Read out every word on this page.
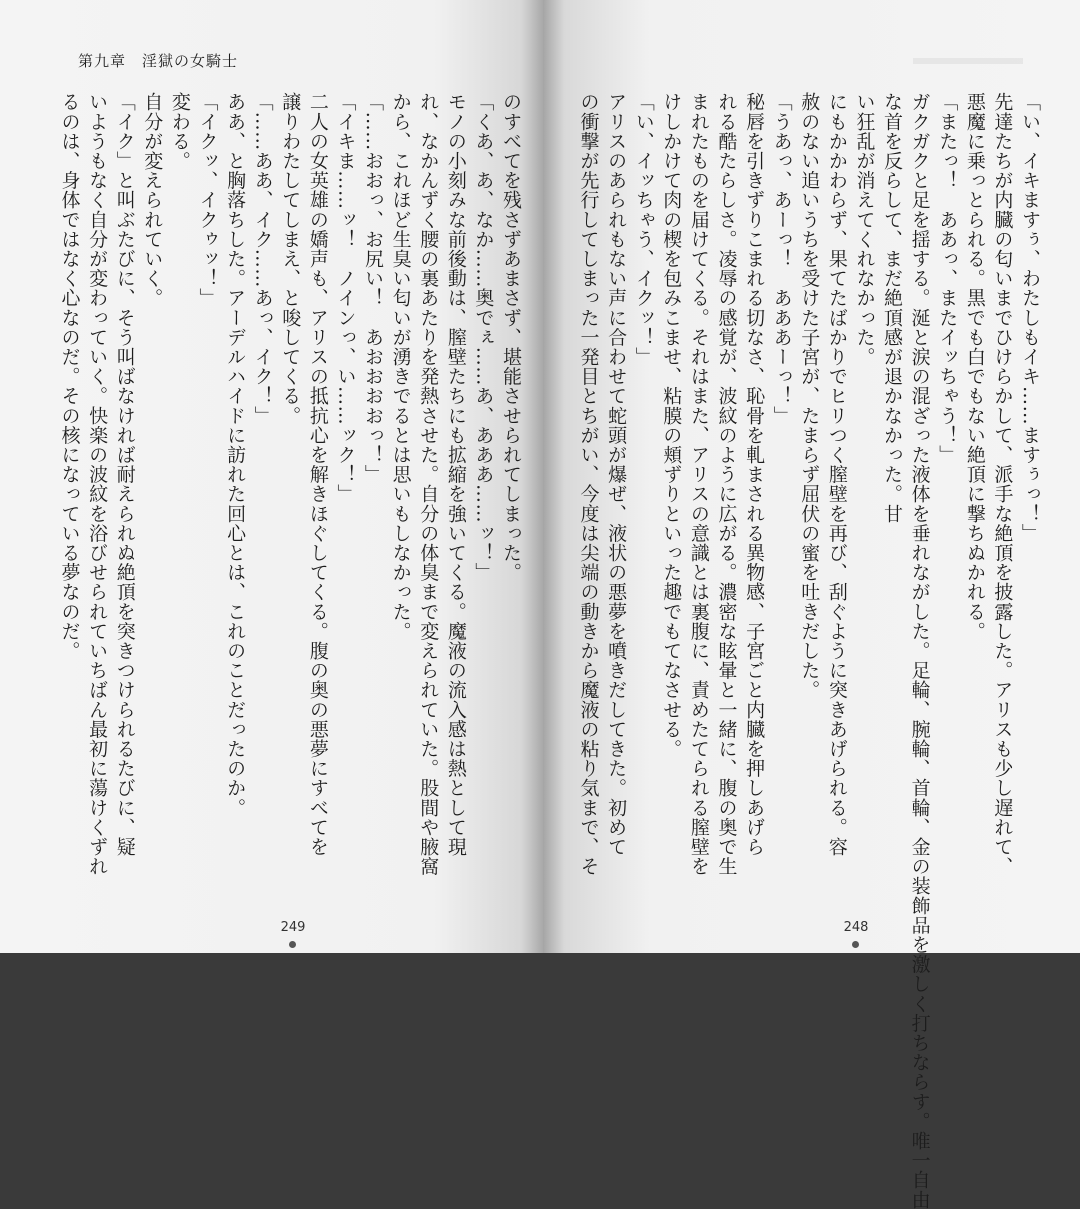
第九章　淫獄の女騎士
のすべてを残さずあまさず、堪能させられてしまった。
「くあ、あ、なか……奥でぇ……あ、あああ……ッ！」
モノの小刻みな前後動は、膣壁たちにも拡縮を強いてくる。魔液の流入感は熱として現
れ、なかんずく腰の裏あたりを発熱させた。自分の体臭まで変えられていた。股間や腋窩
から、これほど生臭い匂いが湧きでるとは思いもしなかった。
「……おおっ、お尻い！　あおおおおっ！」
「イキま……ッ！　ノインっ、い……ック！」
二人の女英雄の嬌声も、アリスの抵抗心を解きほぐしてくる。腹の奥の悪夢にすべてを
譲りわたしてしまえ、と唆してくる。
「……ああ、イク……あっ、イク！」
ああ、と胸落ちした。アーデルハイドに訪れた回心とは、これのことだったのか。
「イクッ、イクゥッ！」
変わる。
自分が変えられていく。
「イク」と叫ぶたびに、そう叫ばなければ耐えられぬ絶頂を突きつけられるたびに、疑
いようもなく自分が変わっていく。快楽の波紋を浴びせられていちばん最初に蕩けくずれ
るのは、身体ではなく心なのだ。その核になっている夢なのだ。
249
「い、イキますぅ、わたしもイキ……ますぅっ！」
先達たちが内臓の匂いまでひけらかして、派手な絶頂を披露した。アリスも少し遅れて、
悪魔に乗っとられる。黒でも白でもない絶頂に撃ちぬかれる。
「またっ！　ああっ、またイッちゃう！」
ガクガクと足を揺する。涎と涙の混ざった液体を垂れながした。足輪、腕輪、首輪、金の装飾品を激しく打ちならす。唯一自由
な首を反らして、まだ絶頂感が退かなかった。甘
い狂乱が消えてくれなかった。
にもかかわらず、果てたばかりでヒリつく膣壁を再び、刮ぐように突きあげられる。容
赦のない追いうちを受けた子宮が、たまらず屈伏の蜜を吐きだした。
「うあっ、あーっ！　あああーっ！」
秘唇を引きずりこまれる切なさ、恥骨を軋まされる異物感、子宮ごと内臓を押しあげら
れる酷たらしさ。凌辱の感覚が、波紋のように広がる。濃密な眩暈と一緒に、腹の奥で生
まれたものを届けてくる。それはまた、アリスの意識とは裏腹に、責めたてられる膣壁を
けしかけて肉の楔を包みこませ、粘膜の頬ずりといった趣でもてなさせる。
「い、イッちゃう、イクッ！」
アリスのあられもない声に合わせて蛇頭が爆ぜ、液状の悪夢を噴きだしてきた。初めて
の衝撃が先行してしまった一発目とちがい、今度は尖端の動きから魔液の粘り気まで、そ
248
